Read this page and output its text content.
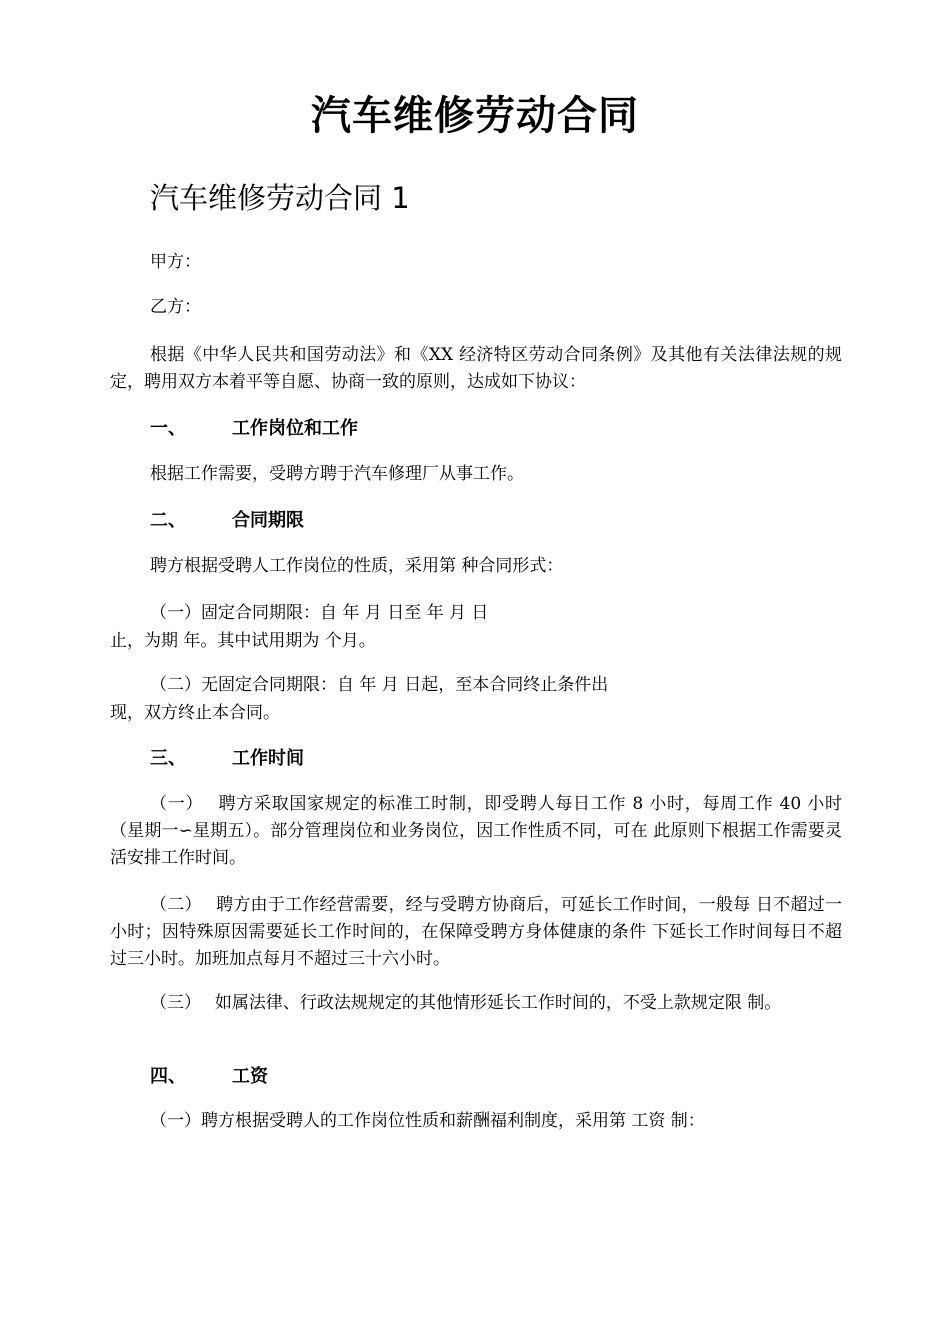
汽车维修劳动合同
汽车维修劳动合同 1
甲方：
乙方：
根据《中华人民共和国劳动法》和《XX 经济特区劳动合同条例》及其他有关法律法规的规定，聘用双方本着平等自愿、协商一致的原则，达成如下协议：
一、	工作岗位和工作
根据工作需要，受聘方聘于汽车修理厂从事工作。
二、	合同期限
聘方根据受聘人工作岗位的性质，采用第 种合同形式：
（一）固定合同期限：自 年 月 日至 年 月 日
止，为期 年。其中试用期为 个月。
（二）无固定合同期限：自 年 月 日起，至本合同终止条件出
现，双方终止本合同。
三、	工作时间
（一）　 聘方采取国家规定的标准工时制，即受聘人每日工作 8 小时，每周工作 40 小时（星期一∽星期五）。部分管理岗位和业务岗位，因工作性质不同，可在 此原则下根据工作需要灵活安排工作时间。
（二）　 聘方由于工作经营需要，经与受聘方协商后，可延长工作时间，一般每 日不超过一小时；因特殊原因需要延长工作时间的，在保障受聘方身体健康的条件 下延长工作时间每日不超过三小时。加班加点每月不超过三十六小时。
（三）　 如属法律、行政法规规定的其他情形延长工作时间的，不受上款规定限 制。
四、	工资
（一）聘方根据受聘人的工作岗位性质和薪酬福利制度，采用第 工资 制：
